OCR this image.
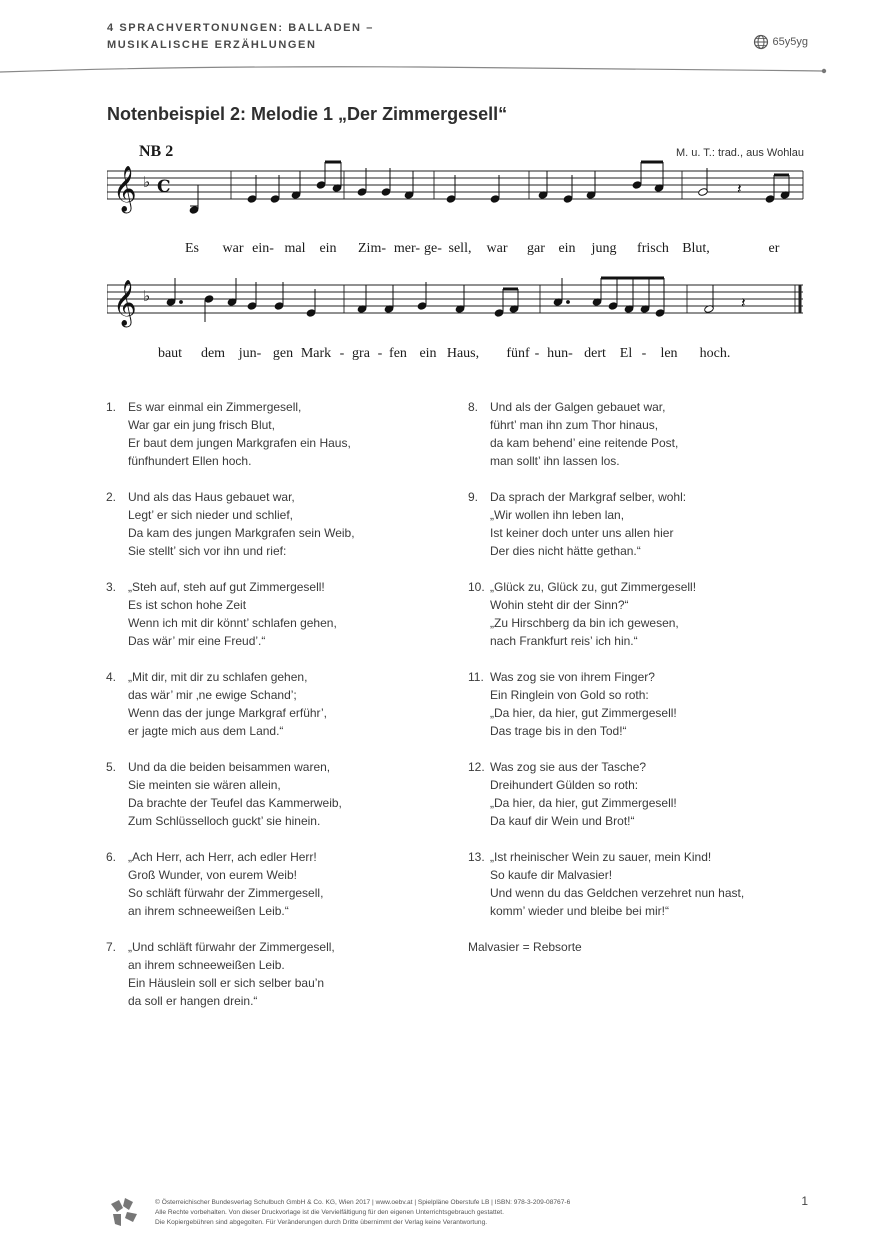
4 SPRACHVERTONUNGEN: BALLADEN –
MUSIKALISCHE ERZÄHLUNGEN	65y5yg
Notenbeispiel 2: Melodie 1 „Der Zimmergesell“
NB 2	M. u. T.: trad., aus Wohlau
𝄞 ♭ C	𝄽
Es war ein- mal ein Zim- mer- ge- sell, war gar ein jung frisch Blut,	er
𝄞 ♭	𝄽
baut dem jun- gen Mark - gra - fen ein Haus, fünf - hun- dert El - len hoch.
1. Es war einmal ein Zimmergesell,
War gar ein jung frisch Blut,
Er baut dem jungen Markgrafen ein Haus,
fünfhundert Ellen hoch.
2. Und als das Haus gebauet war,
Legt’ er sich nieder und schlief,
Da kam des jungen Markgrafen sein Weib,
Sie stellt’ sich vor ihn und rief:
3. „Steh auf, steh auf gut Zimmergesell!
Es ist schon hohe Zeit
Wenn ich mit dir könnt’ schlafen gehen,
Das wär’ mir eine Freud’.“
4. „Mit dir, mit dir zu schlafen gehen,
das wär’ mir ‚ne ewige Schand’;
Wenn das der junge Markgraf erführ’,
er jagte mich aus dem Land.“
5. Und da die beiden beisammen waren,
Sie meinten sie wären allein,
Da brachte der Teufel das Kammerweib,
Zum Schlüsselloch guckt’ sie hinein.
6. „Ach Herr, ach Herr, ach edler Herr!
Groß Wunder, von eurem Weib!
So schläft fürwahr der Zimmergesell,
an ihrem schneeweißen Leib.“
7. „Und schläft fürwahr der Zimmergesell,
an ihrem schneeweißen Leib.
Ein Häuslein soll er sich selber bau’n
da soll er hangen drein.“
8. Und als der Galgen gebauet war,
führt’ man ihn zum Thor hinaus,
da kam behend’ eine reitende Post,
man sollt’ ihn lassen los.
9. Da sprach der Markgraf selber, wohl:
„Wir wollen ihn leben lan,
Ist keiner doch unter uns allen hier
Der dies nicht hätte gethan.“
10. „Glück zu, Glück zu, gut Zimmergesell!
Wohin steht dir der Sinn?“
„Zu Hirschberg da bin ich gewesen,
nach Frankfurt reis’ ich hin.“
11. Was zog sie von ihrem Finger?
Ein Ringlein von Gold so roth:
„Da hier, da hier, gut Zimmergesell!
Das trage bis in den Tod!“
12. Was zog sie aus der Tasche?
Dreihundert Gülden so roth:
„Da hier, da hier, gut Zimmergesell!
Da kauf dir Wein und Brot!“
13. „Ist rheinischer Wein zu sauer, mein Kind!
So kaufe dir Malvasier!
Und wenn du das Geldchen verzehret nun hast,
komm’ wieder und bleibe bei mir!“
Malvasier = Rebsorte
© Österreichischer Bundesverlag Schulbuch GmbH & Co. KG, Wien 2017 | www.oebv.at | Spielpläne Oberstufe LB | ISBN: 978-3-209-08767-6
Alle Rechte vorbehalten. Von dieser Druckvorlage ist die Vervielfältigung für den eigenen Unterrichtsgebrauch gestattet.
Die Kopiergebühren sind abgegolten. Für Veränderungen durch Dritte übernimmt der Verlag keine Verantwortung.
1
